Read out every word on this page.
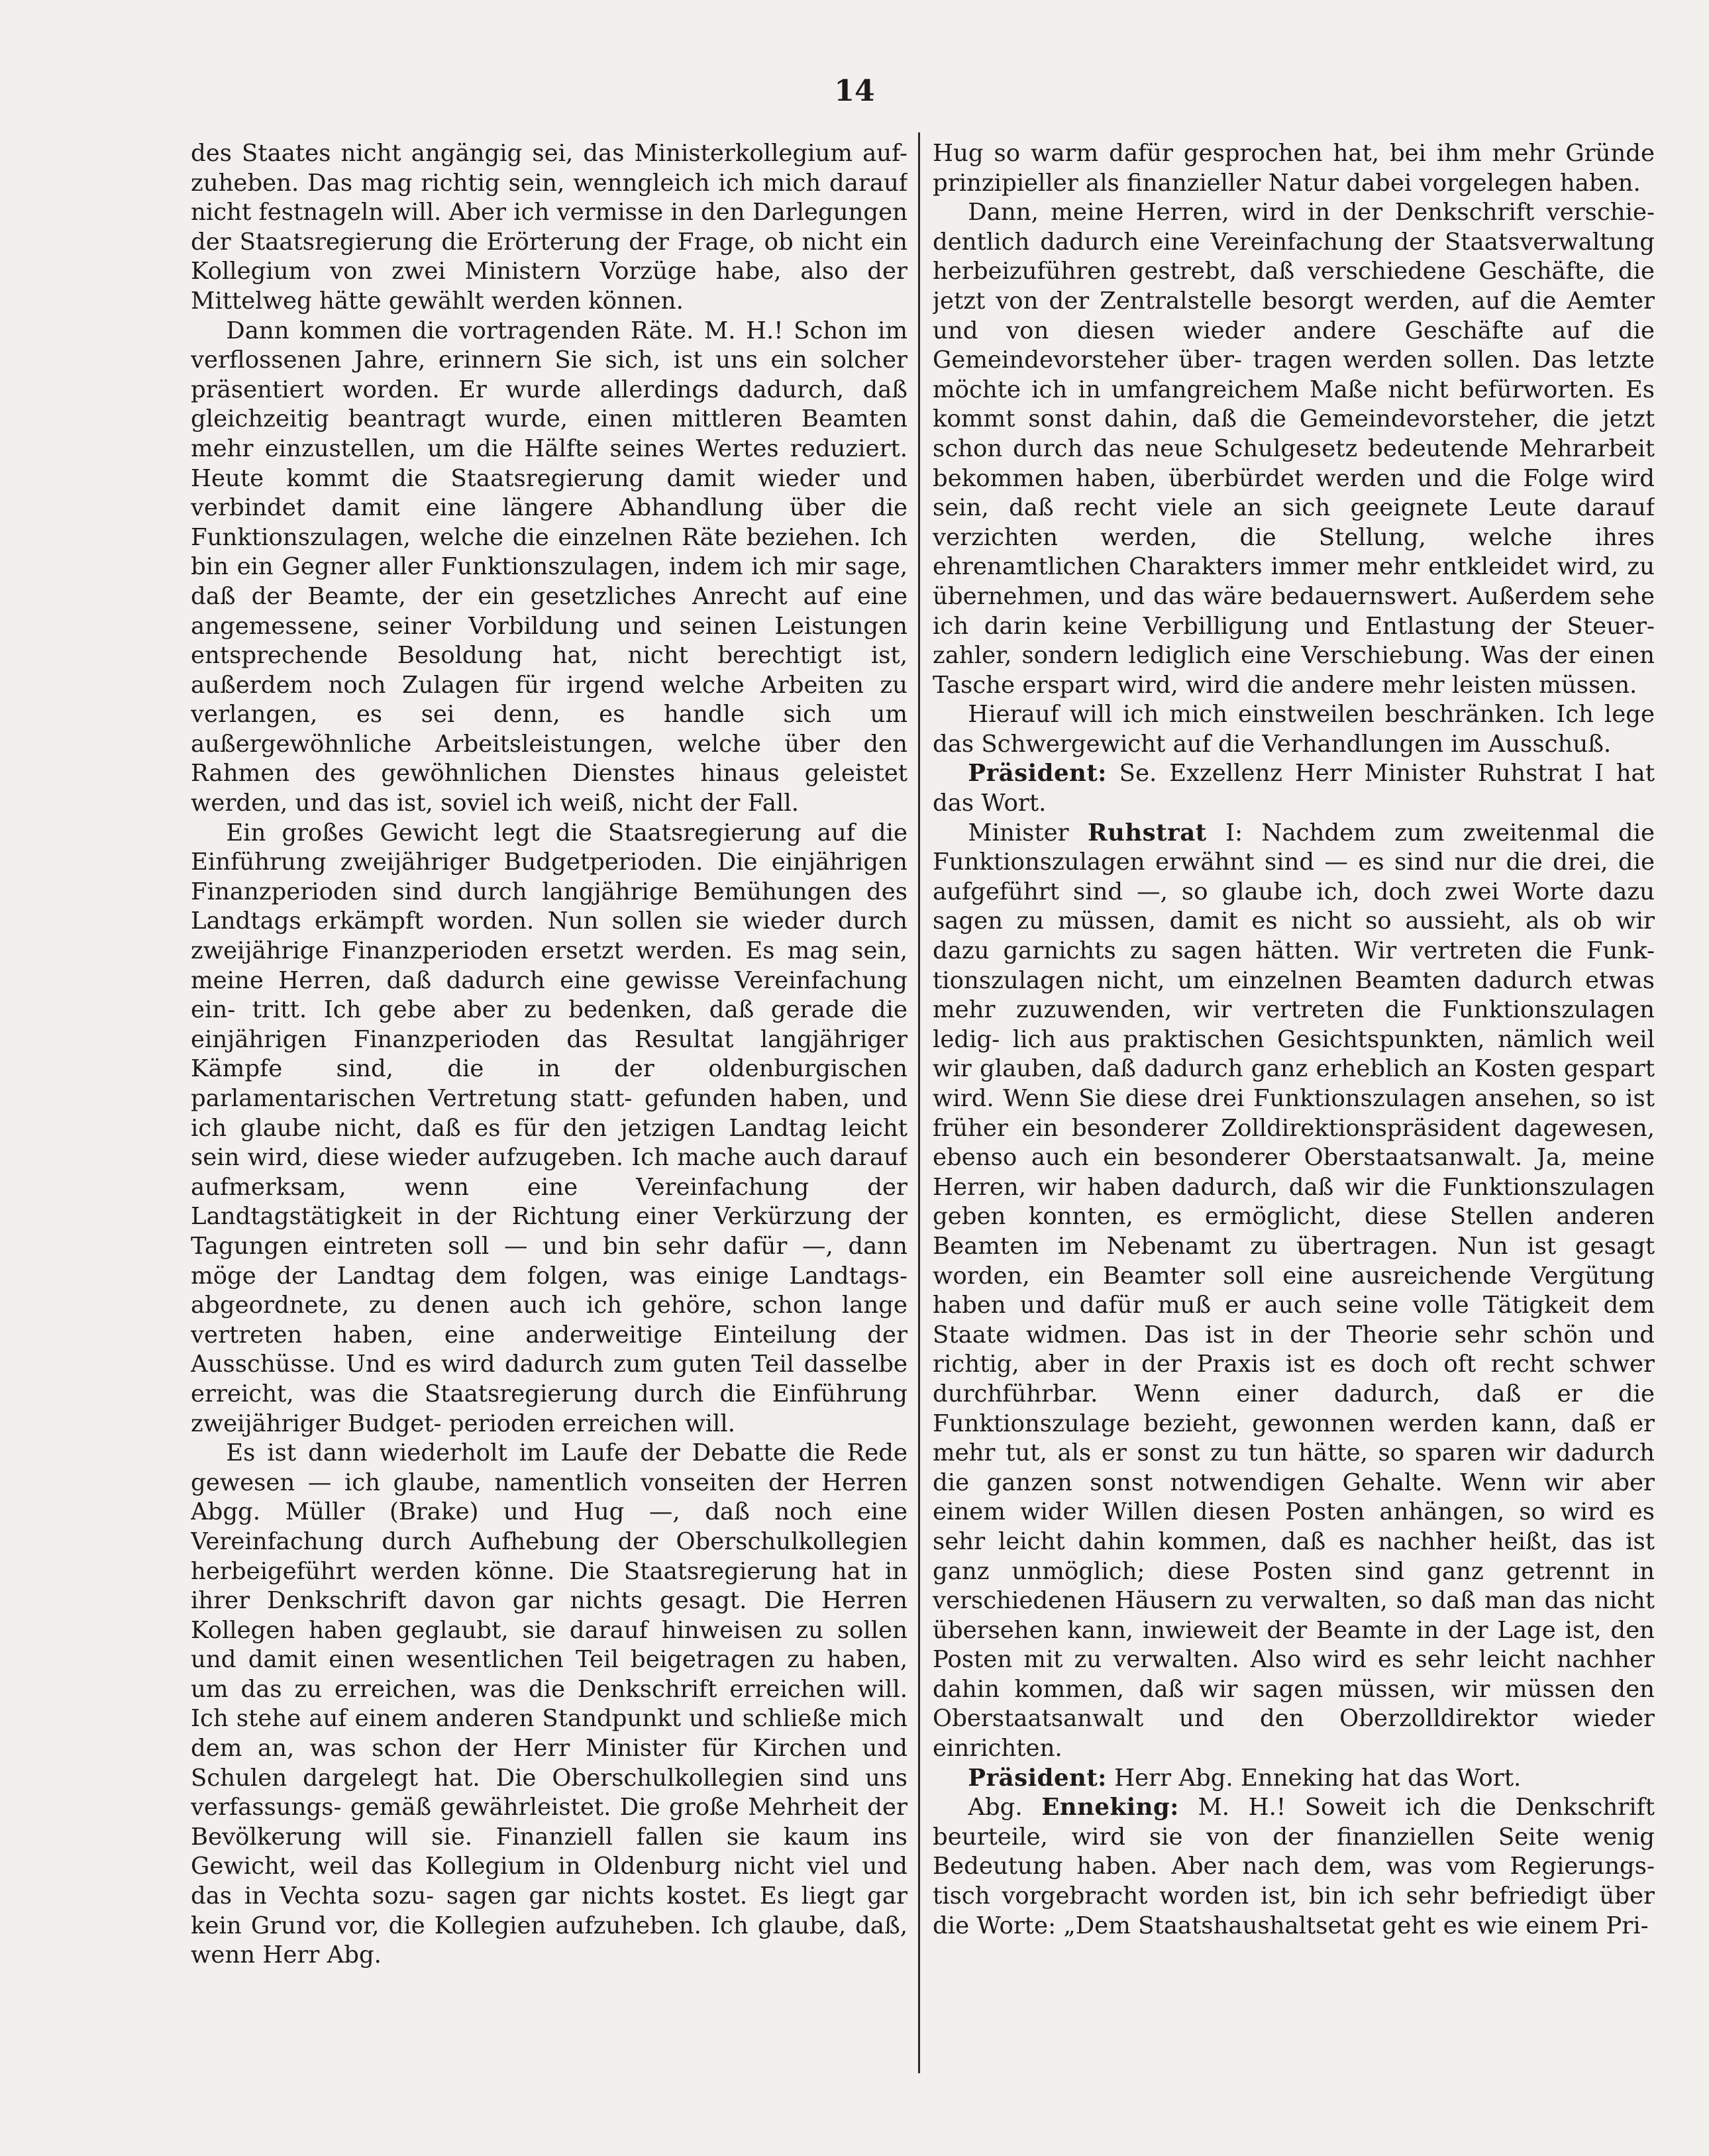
14

des Staates nicht angängig sei, das Ministerkollegium auf- zuheben. Das mag richtig sein, wenngleich ich mich darauf nicht festnageln will. Aber ich vermisse in den Darlegungen der Staatsregierung die Erörterung der Frage, ob nicht ein Kollegium von zwei Ministern Vorzüge habe, also der Mittelweg hätte gewählt werden können.

Dann kommen die vortragenden Räte. M. H.! Schon im verflossenen Jahre, erinnern Sie sich, ist uns ein solcher präsentiert worden. Er wurde allerdings dadurch, daß gleichzeitig beantragt wurde, einen mittleren Beamten mehr einzustellen, um die Hälfte seines Wertes reduziert. Heute kommt die Staatsregierung damit wieder und verbindet damit eine längere Abhandlung über die Funktionszulagen, welche die einzelnen Räte beziehen. Ich bin ein Gegner aller Funktionszulagen, indem ich mir sage, daß der Beamte, der ein gesetzliches Anrecht auf eine angemessene, seiner Vorbildung und seinen Leistungen entsprechende Besoldung hat, nicht berechtigt ist, außerdem noch Zulagen für irgend welche Arbeiten zu verlangen, es sei denn, es handle sich um außergewöhnliche Arbeitsleistungen, welche über den Rahmen des gewöhnlichen Dienstes hinaus geleistet werden, und das ist, soviel ich weiß, nicht der Fall.

Ein großes Gewicht legt die Staatsregierung auf die Einführung zweijähriger Budgetperioden. Die einjährigen Finanzperioden sind durch langjährige Bemühungen des Landtags erkämpft worden. Nun sollen sie wieder durch zweijährige Finanzperioden ersetzt werden. Es mag sein, meine Herren, daß dadurch eine gewisse Vereinfachung ein- tritt. Ich gebe aber zu bedenken, daß gerade die einjährigen Finanzperioden das Resultat langjähriger Kämpfe sind, die in der oldenburgischen parlamentarischen Vertretung statt- gefunden haben, und ich glaube nicht, daß es für den jetzigen Landtag leicht sein wird, diese wieder aufzugeben. Ich mache auch darauf aufmerksam, wenn eine Vereinfachung der Landtagstätigkeit in der Richtung einer Verkürzung der Tagungen eintreten soll — und bin sehr dafür —, dann möge der Landtag dem folgen, was einige Landtags- abgeordnete, zu denen auch ich gehöre, schon lange vertreten haben, eine anderweitige Einteilung der Ausschüsse. Und es wird dadurch zum guten Teil dasselbe erreicht, was die Staatsregierung durch die Einführung zweijähriger Budget- perioden erreichen will.

Es ist dann wiederholt im Laufe der Debatte die Rede gewesen — ich glaube, namentlich vonseiten der Herren Abgg. Müller (Brake) und Hug —, daß noch eine Vereinfachung durch Aufhebung der Oberschulkollegien herbeigeführt werden könne. Die Staatsregierung hat in ihrer Denkschrift davon gar nichts gesagt. Die Herren Kollegen haben geglaubt, sie darauf hinweisen zu sollen und damit einen wesentlichen Teil beigetragen zu haben, um das zu erreichen, was die Denkschrift erreichen will. Ich stehe auf einem anderen Standpunkt und schließe mich dem an, was schon der Herr Minister für Kirchen und Schulen dargelegt hat. Die Oberschulkollegien sind uns verfassungs- gemäß gewährleistet. Die große Mehrheit der Bevölkerung will sie. Finanziell fallen sie kaum ins Gewicht, weil das Kollegium in Oldenburg nicht viel und das in Vechta sozu- sagen gar nichts kostet. Es liegt gar kein Grund vor, die Kollegien aufzuheben. Ich glaube, daß, wenn Herr Abg.

Hug so warm dafür gesprochen hat, bei ihm mehr Gründe prinzipieller als finanzieller Natur dabei vorgelegen haben.

Dann, meine Herren, wird in der Denkschrift verschie- dentlich dadurch eine Vereinfachung der Staatsverwaltung herbeizuführen gestrebt, daß verschiedene Geschäfte, die jetzt von der Zentralstelle besorgt werden, auf die Aemter und von diesen wieder andere Geschäfte auf die Gemeindevorsteher über- tragen werden sollen. Das letzte möchte ich in umfangreichem Maße nicht befürworten. Es kommt sonst dahin, daß die Gemeindevorsteher, die jetzt schon durch das neue Schulgesetz bedeutende Mehrarbeit bekommen haben, überbürdet werden und die Folge wird sein, daß recht viele an sich geeignete Leute darauf verzichten werden, die Stellung, welche ihres ehrenamtlichen Charakters immer mehr entkleidet wird, zu übernehmen, und das wäre bedauernswert. Außerdem sehe ich darin keine Verbilligung und Entlastung der Steuer- zahler, sondern lediglich eine Verschiebung. Was der einen Tasche erspart wird, wird die andere mehr leisten müssen.

Hierauf will ich mich einstweilen beschränken. Ich lege das Schwergewicht auf die Verhandlungen im Ausschuß.

Präsident: Se. Exzellenz Herr Minister Ruhstrat I hat das Wort.

Minister Ruhstrat I: Nachdem zum zweitenmal die Funktionszulagen erwähnt sind — es sind nur die drei, die aufgeführt sind —, so glaube ich, doch zwei Worte dazu sagen zu müssen, damit es nicht so aussieht, als ob wir dazu garnichts zu sagen hätten. Wir vertreten die Funk- tionszulagen nicht, um einzelnen Beamten dadurch etwas mehr zuzuwenden, wir vertreten die Funktionszulagen ledig- lich aus praktischen Gesichtspunkten, nämlich weil wir glauben, daß dadurch ganz erheblich an Kosten gespart wird. Wenn Sie diese drei Funktionszulagen ansehen, so ist früher ein besonderer Zolldirektionspräsident dagewesen, ebenso auch ein besonderer Oberstaatsanwalt. Ja, meine Herren, wir haben dadurch, daß wir die Funktionszulagen geben konnten, es ermöglicht, diese Stellen anderen Beamten im Nebenamt zu übertragen. Nun ist gesagt worden, ein Beamter soll eine ausreichende Vergütung haben und dafür muß er auch seine volle Tätigkeit dem Staate widmen. Das ist in der Theorie sehr schön und richtig, aber in der Praxis ist es doch oft recht schwer durchführbar. Wenn einer dadurch, daß er die Funktionszulage bezieht, gewonnen werden kann, daß er mehr tut, als er sonst zu tun hätte, so sparen wir dadurch die ganzen sonst notwendigen Gehalte. Wenn wir aber einem wider Willen diesen Posten anhängen, so wird es sehr leicht dahin kommen, daß es nachher heißt, das ist ganz unmöglich; diese Posten sind ganz getrennt in verschiedenen Häusern zu verwalten, so daß man das nicht übersehen kann, inwieweit der Beamte in der Lage ist, den Posten mit zu verwalten. Also wird es sehr leicht nachher dahin kommen, daß wir sagen müssen, wir müssen den Oberstaatsanwalt und den Oberzolldirektor wieder einrichten.

Präsident: Herr Abg. Enneking hat das Wort.

Abg. Enneking: M. H.! Soweit ich die Denkschrift beurteile, wird sie von der finanziellen Seite wenig Bedeutung haben. Aber nach dem, was vom Regierungs- tisch vorgebracht worden ist, bin ich sehr befriedigt über die Worte: „Dem Staatshaushaltsetat geht es wie einem Pri-
